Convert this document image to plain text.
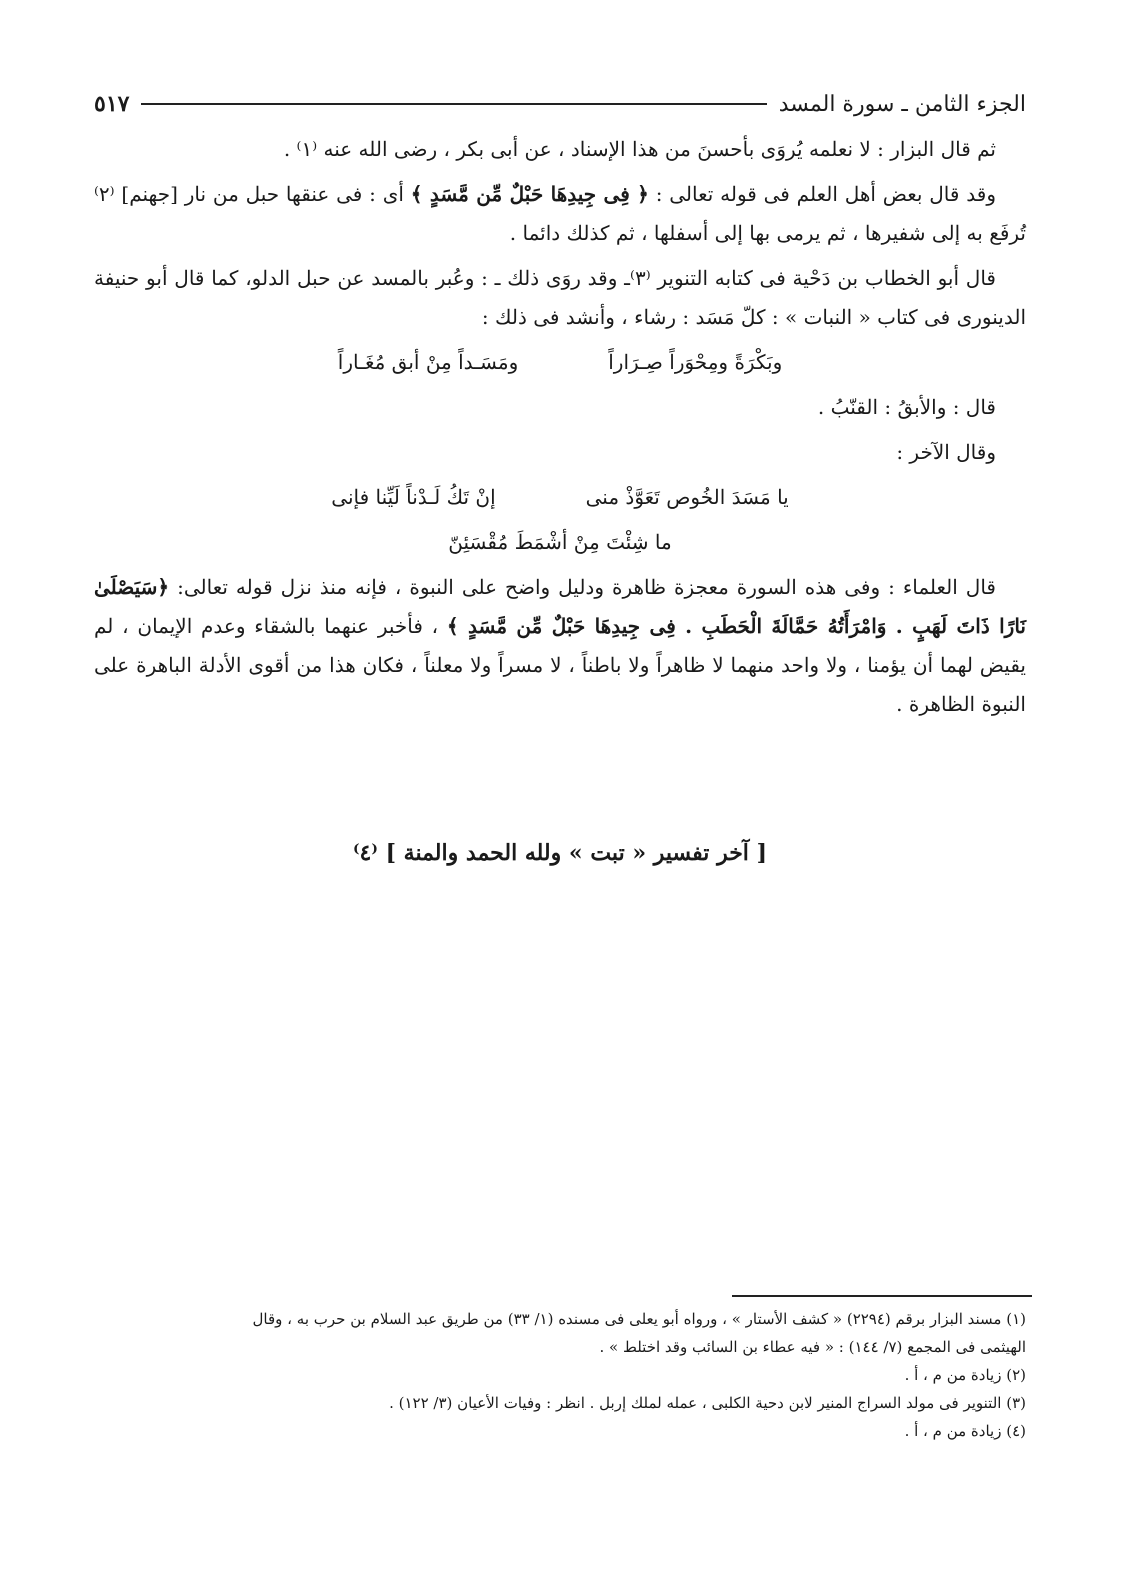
الجزء الثامن ـ سورة المسد
٥١٧

ثم قال البزار : لا نعلمه يُروَى بأحسنَ من هذا الإسناد ، عن أبى بكر ، رضى الله عنه ⁽١⁾ .

وقد قال بعض أهل العلم فى قوله تعالى : ﴿ فِى جِيدِهَا حَبْلٌ مِّن مَّسَدٍ ﴾ أى : فى عنقها حبل من نار [جهنم] ⁽٢⁾ تُرفَع به إلى شفيرها ، ثم يرمى بها إلى أسفلها ، ثم كذلك دائما .

قال أبو الخطاب بن دَحْية فى كتابه التنوير ⁽٣⁾ـ وقد روَى ذلك ـ : وعُبر بالمسد عن حبل الدلو، كما قال أبو حنيفة الدينورى فى كتاب « النبات » : كلّ مَسَد : رشاء ، وأنشد فى ذلك :

وبَكْرَةً ومِحْوَراً صِـرَاراً
ومَسَـداً مِنْ أبق مُغَـاراً

قال : والأبقُ : القنّبُ .

وقال الآخر :

يا مَسَدَ الخُوص تَعَوَّذْ منى
إنْ تَكُ لَـدْناً لَيِّنا فإنى
ما شِئْتَ مِنْ أشْمَطَ مُقْسَئِنّ

قال العلماء : وفى هذه السورة معجزة ظاهرة ودليل واضح على النبوة ، فإنه منذ نزل قوله تعالى: ﴿سَيَصْلَىٰ نَارًا ذَاتَ لَهَبٍ . وَامْرَأَتُهُ حَمَّالَةَ الْحَطَبِ . فِى جِيدِهَا حَبْلٌ مِّن مَّسَدٍ ﴾ ، فأخبر عنهما بالشقاء وعدم الإيمان ، لم يقيض لهما أن يؤمنا ، ولا واحد منهما لا ظاهراً ولا باطناً ، لا مسراً ولا معلناً ، فكان هذا من أقوى الأدلة الباهرة على النبوة الظاهرة .

[ آخر تفسير « تبت » ولله الحمد والمنة ] ⁽٤⁾

(١) مسند البزار برقم (٢٢٩٤) « كشف الأستار » ، ورواه أبو يعلى فى مسنده (١/ ٣٣) من طريق عبد السلام بن حرب به ، وقال

الهيثمى فى المجمع (٧/ ١٤٤) : « فيه عطاء بن السائب وقد اختلط » .

(٢) زيادة من م ، أ .

(٣) التنوير فى مولد السراج المنير لابن دحية الكلبى ، عمله لملك إربل . انظر : وفيات الأعيان (٣/ ١٢٢) .

(٤) زيادة من م ، أ .
